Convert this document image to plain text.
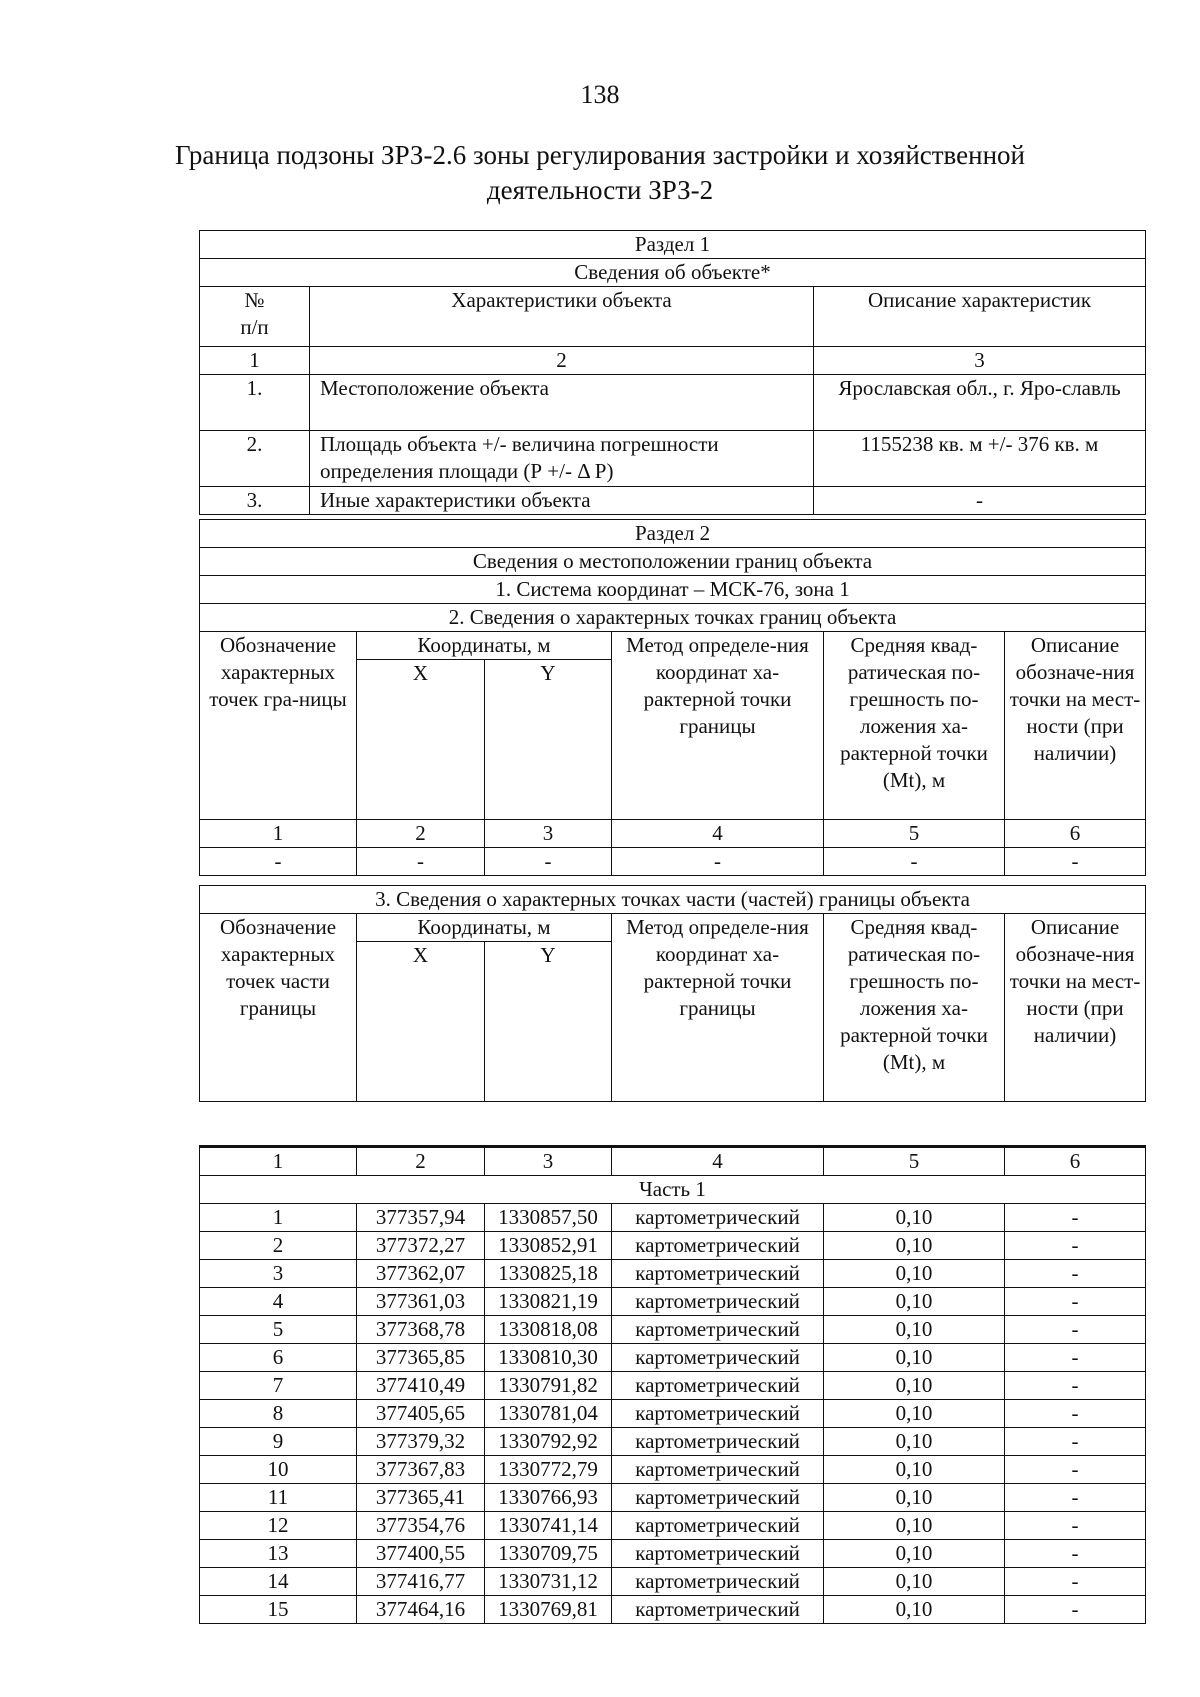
138
Граница подзоны ЗРЗ-2.6 зоны регулирования застройки и хозяйственной
деятельности ЗРЗ-2
Раздел 1		
Сведения об объекте*		

№
п/п	Характеристики объекта	Описание характеристик
1	2	3
1.	Местоположение объекта	Ярославская обл., г. Яро-славль
2.	Площадь объекта +/- величина погрешности определения площади (Р +/- Δ Р)	1155238 кв. м +/- 376 кв. м
3.	Иные характеристики объекта	-
Раздел 2					
Сведения о местоположении границ объекта					
1. Система координат – МСК-76, зона 1					
2. Сведения о характерных точках границ объекта					
Обозначение характерных точек гра-ницы	Координаты, м		Метод определе-ния координат ха-рактерной точки границы	Средняя квад-ратическая по-грешность по-ложения ха-рактерной точки (Mt), м	Описание обозначе-ния точки на мест-ности (при наличии)
	X	Y			
1	2	3	4	5	6
-	-	-	-	-	-
3. Сведения о характерных точках части (частей) границы объекта					
Обозначение характерных точек части границы	Координаты, м		Метод определе-ния координат ха-рактерной точки границы	Средняя квад-ратическая по-грешность по-ложения ха-рактерной точки (Mt), м	Описание обозначе-ния точки на мест-ности (при наличии)
	X	Y			
1	2	3	4	5	6
Часть 1					
1	377357,94	1330857,50	картометрический	0,10	-
2	377372,27	1330852,91	картометрический	0,10	-
3	377362,07	1330825,18	картометрический	0,10	-
4	377361,03	1330821,19	картометрический	0,10	-
5	377368,78	1330818,08	картометрический	0,10	-
6	377365,85	1330810,30	картометрический	0,10	-
7	377410,49	1330791,82	картометрический	0,10	-
8	377405,65	1330781,04	картометрический	0,10	-
9	377379,32	1330792,92	картометрический	0,10	-
10	377367,83	1330772,79	картометрический	0,10	-
11	377365,41	1330766,93	картометрический	0,10	-
12	377354,76	1330741,14	картометрический	0,10	-
13	377400,55	1330709,75	картометрический	0,10	-
14	377416,77	1330731,12	картометрический	0,10	-
15	377464,16	1330769,81	картометрический	0,10	-
